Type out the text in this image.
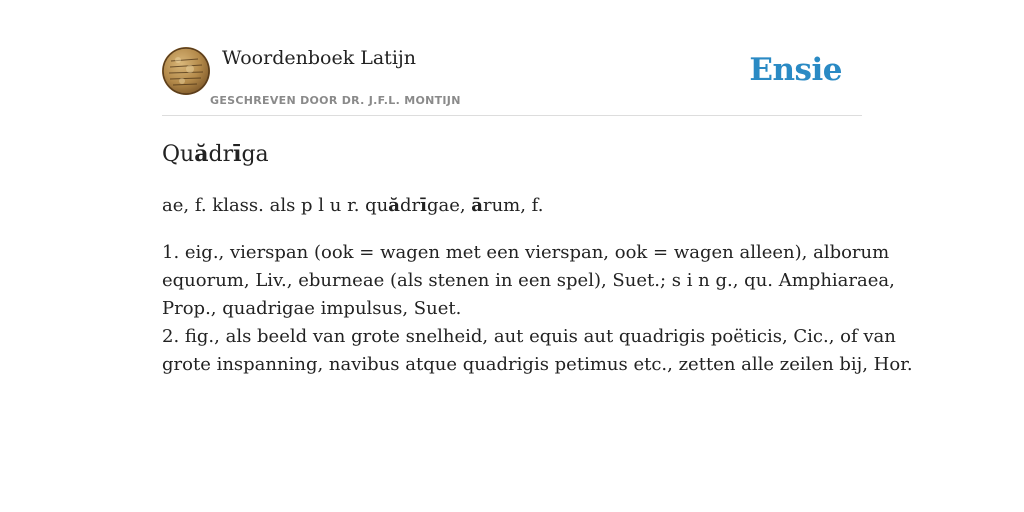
Woordenboek Latijn
GESCHREVEN DOOR DR. J.F.L. MONTIJN
Ensie
Quădrīga

ae, f. klass. als p l u r. quădrīgae, ārum, f.

1. eig., vierspan (ook = wagen met een vierspan, ook = wagen alleen), alborum
equorum, Liv., eburneae (als stenen in een spel), Suet.; s i n g., qu. Amphiaraea,
Prop., quadrigae impulsus, Suet.
2. fig., als beeld van grote snelheid, aut equis aut quadrigis poëticis, Cic., of van
grote inspanning, navibus atque quadrigis petimus etc., zetten alle zeilen bij, Hor.
